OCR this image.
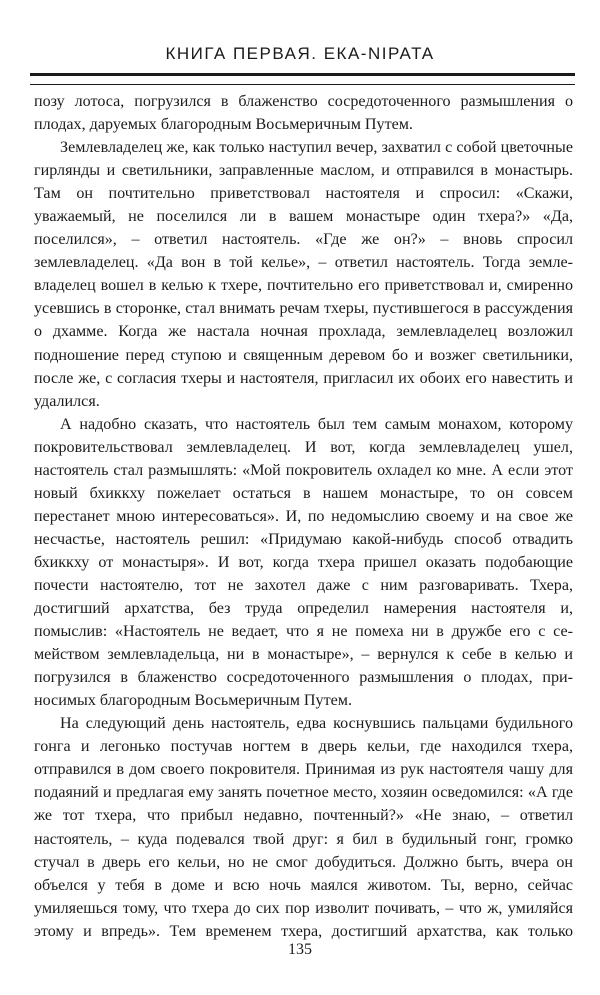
КНИГА ПЕРВАЯ. ЕКА-NIPATA

позу лотоса, погрузился в блаженство сосредоточенного размышления о плодах, даруемых благородным Восьмеричным Путем.

Землевладелец же, как только наступил вечер, захватил с собой цветочные гирлянды и светильники, заправленные маслом, и отправился в монастырь. Там он почтительно приветствовал настоятеля и спросил: «Скажи, уважаемый, не поселился ли в вашем монастыре один тхера?» «Да, поселился», – ответил настоятель. «Где же он?» – вновь спросил землевладелец. «Да вон в той келье», – ответил настоятель. Тогда землевладелец вошел в келью к тхере, почтительно его приветствовал и, смиренно усевшись в сторонке, стал внимать речам тхеры, пустившегося в рассуждения о дхамме. Когда же настала ночная прохлада, землевладелец возложил подношение перед ступою и священным деревом бо и возжег светильники, после же, с согласия тхеры и настоятеля, пригласил их обоих его навестить и удалился.

А надобно сказать, что настоятель был тем самым монахом, которому покровительствовал землевладелец. И вот, когда землевладелец ушел, настоятель стал размышлять: «Мой покровитель охладел ко мне. А если этот новый бхиккху пожелает остаться в нашем монастыре, то он совсем перестанет мною интересоваться». И, по недомыслию своему и на свое же несчастье, настоятель решил: «Придумаю какой-нибудь способ отвадить бхиккху от монастыря». И вот, когда тхера пришел оказать подобающие почести настоятелю, тот не захотел даже с ним разговаривать. Тхера, достигший архатства, без труда определил намерения настоятеля и, помыслив: «Настоятель не ведает, что я не помеха ни в дружбе его с семейством землевладельца, ни в монастыре», – вернулся к себе в келью и погрузился в блаженство сосредоточенного размышления о плодах, приносимых благородным Восьмеричным Путем.

На следующий день настоятель, едва коснувшись пальцами будильного гонга и легонько постучав ногтем в дверь кельи, где находился тхера, отправился в дом своего покровителя. Принимая из рук настоятеля чашу для подаяний и предлагая ему занять почетное место, хозяин осведомился: «А где же тот тхера, что прибыл недавно, почтенный?» «Не знаю, – ответил настоятель, – куда подевался твой друг: я бил в будильный гонг, громко стучал в дверь его кельи, но не смог добудиться. Должно быть, вчера он объелся у тебя в доме и всю ночь маялся животом. Ты, верно, сейчас умиляешься тому, что тхера до сих пор изволит почивать, – что ж, умиляйся этому и впредь». Тем временем тхера, достигший архатства, как только

135
